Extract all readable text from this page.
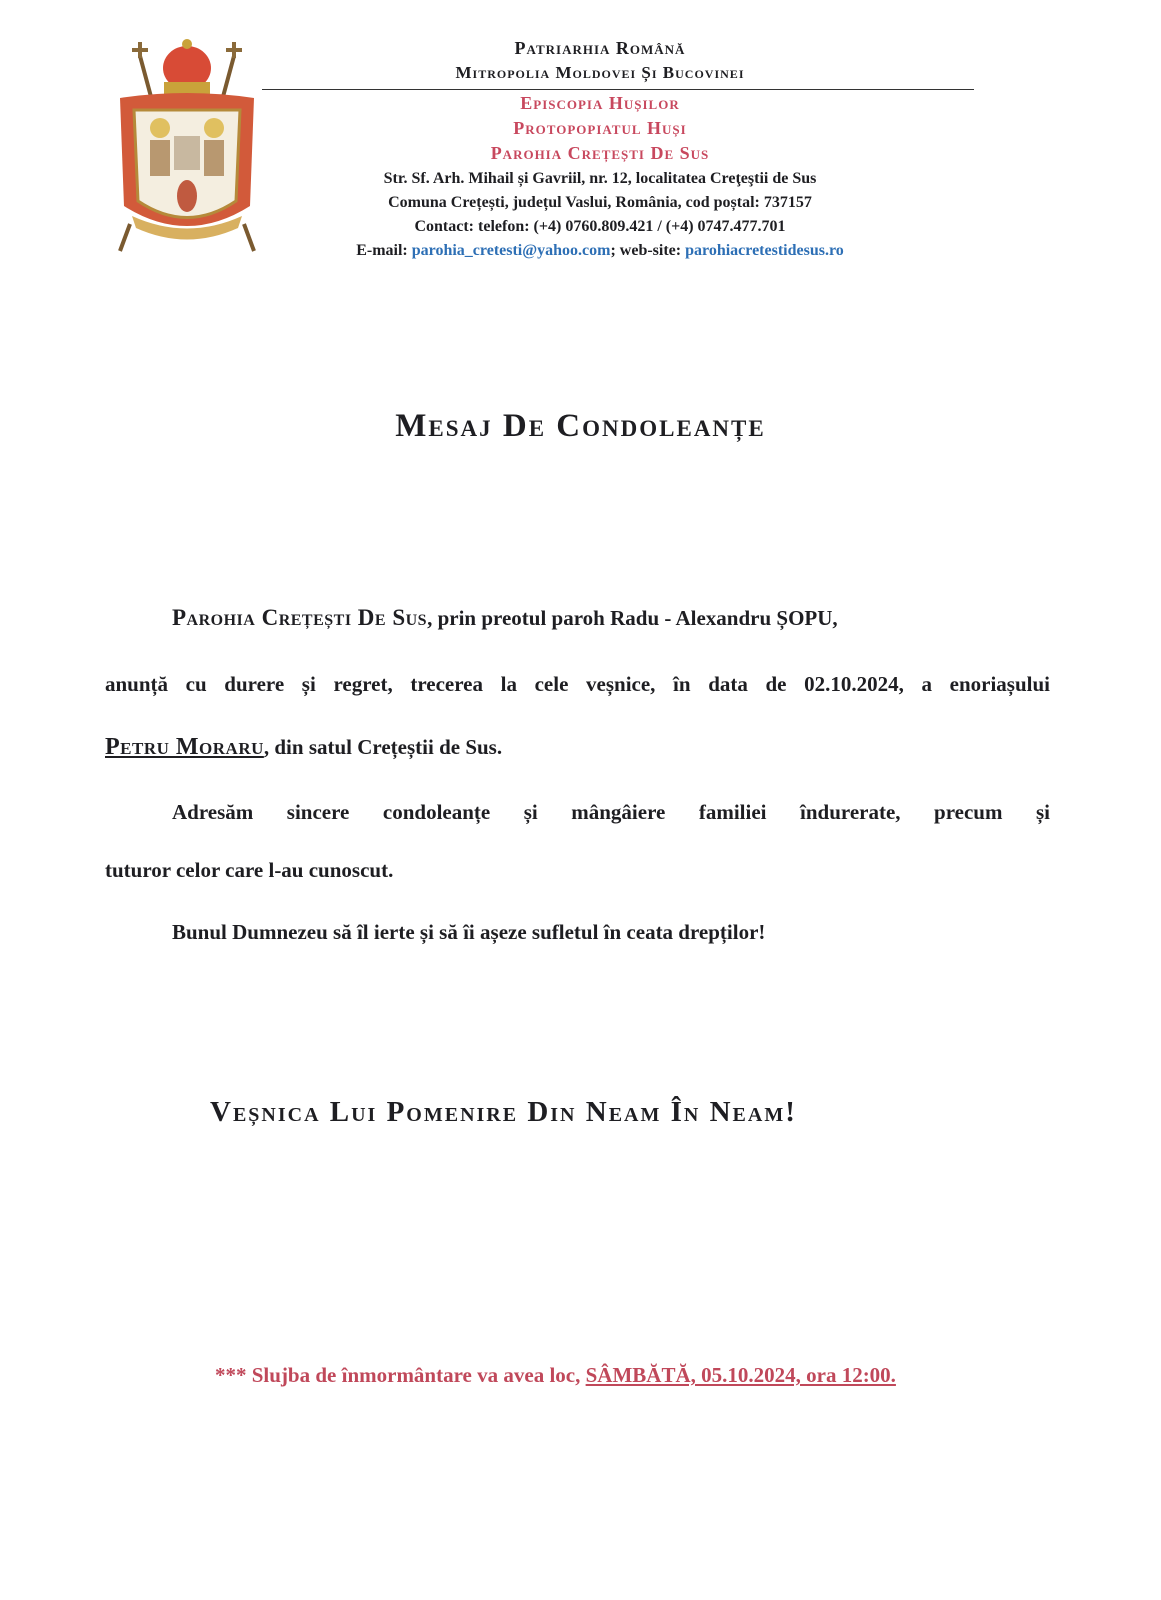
Patriarhia Română
Mitropolia Moldovei Și Bucovinei
Episcopia Hușilor
Protopopiatul Huși
Parohia Crețești De Sus
Str. Sf. Arh. Mihail și Gavriil, nr. 12, localitatea Creţeştii de Sus
Comuna Crețești, județul Vaslui, România, cod poștal: 737157
Contact: telefon: (+4) 0760.809.421 / (+4) 0747.477.701
E-mail: parohia_cretesti@yahoo.com; web-site: parohiacretestidesus.ro
Mesaj De Condoleanțe
Parohia Crețești De Sus, prin preotul paroh Radu - Alexandru ȘOPU,
anunță cu durere și regret, trecerea la cele veșnice, în data de 02.10.2024, a enoriașului
Petru Moraru, din satul Crețeștii de Sus.
Adresăm sincere condoleanțe și mângâiere familiei îndurerate, precum și
tuturor celor care l-au cunoscut.
Bunul Dumnezeu să îl ierte și să îi așeze sufletul în ceata drepților!
Veșnica Lui Pomenire Din Neam În Neam!
*** Slujba de înmormântare va avea loc, SÂMBĂTĂ, 05.10.2024, ora 12:00.
